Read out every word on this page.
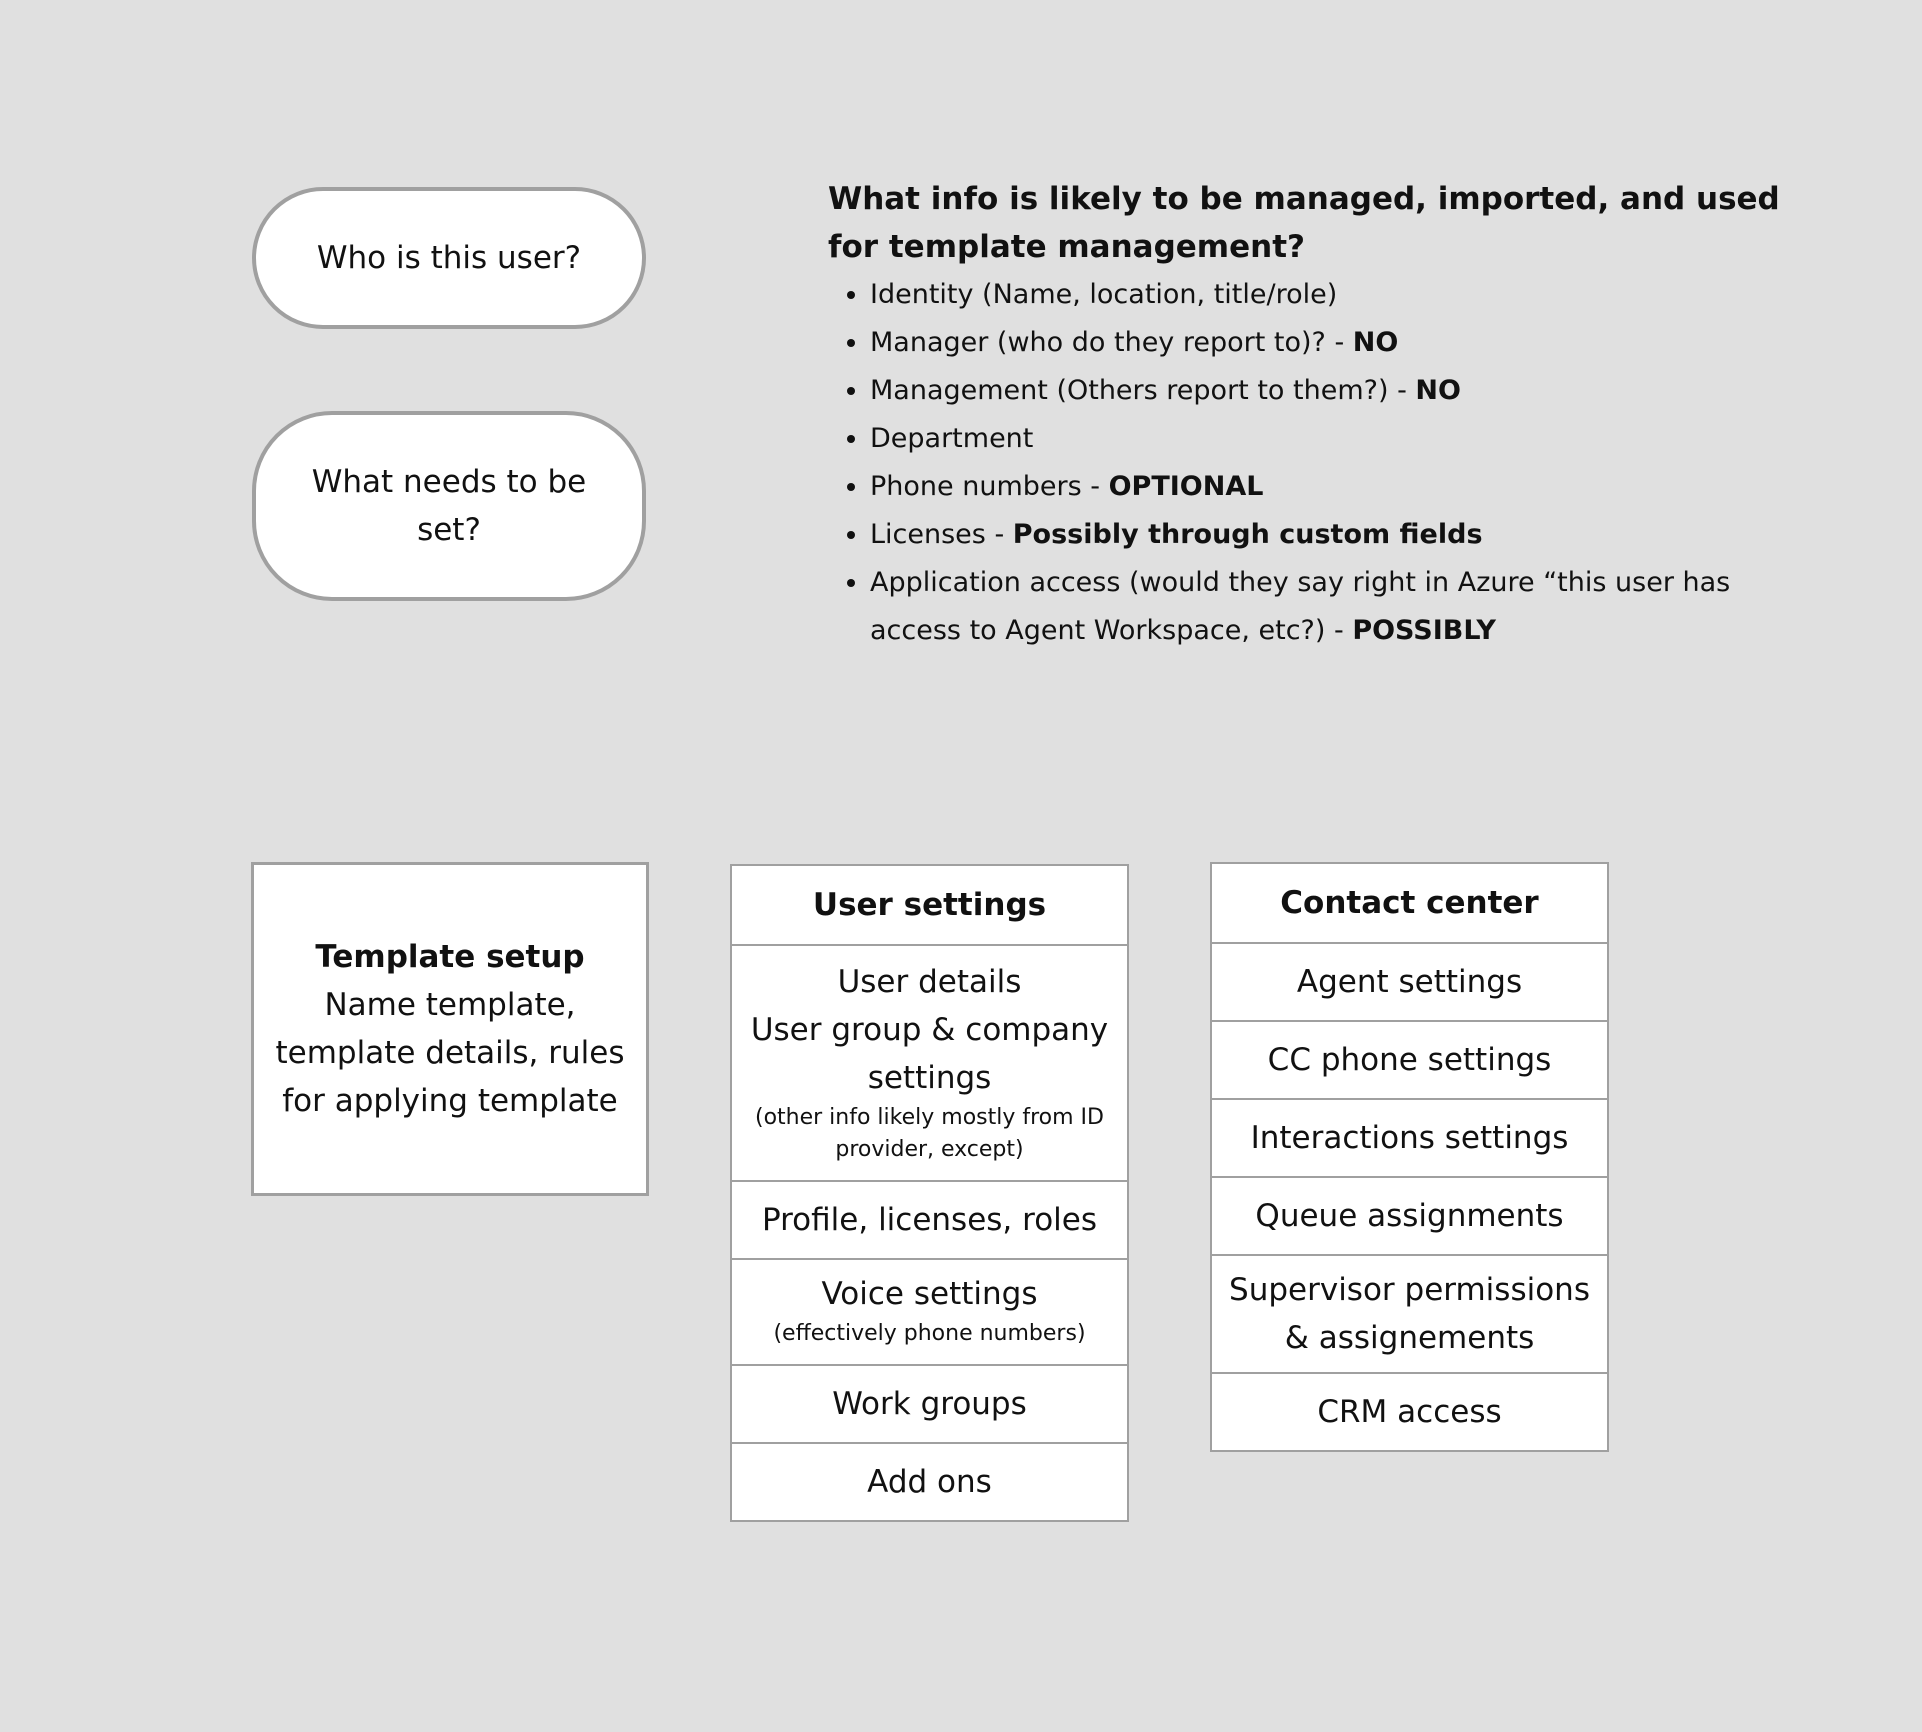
Who is this user?
What needs to be set?
What info is likely to be managed, imported, and used for template management?
• Identity (Name, location, title/role)
• Manager (who do they report to)? - NO
• Management (Others report to them?) - NO
• Department
• Phone numbers - OPTIONAL
• Licenses - Possibly through custom fields
• Application access (would they say right in Azure “this user has access to Agent Workspace, etc?) - POSSIBLY
Template setup
Name template, template details, rules for applying template
User settings
User details
User group & company settings
(other info likely mostly from ID provider, except)
Profile, licenses, roles
Voice settings
(effectively phone numbers)
Work groups
Add ons
Contact center
Agent settings
CC phone settings
Interactions settings
Queue assignments
Supervisor permissions & assignements
CRM access
